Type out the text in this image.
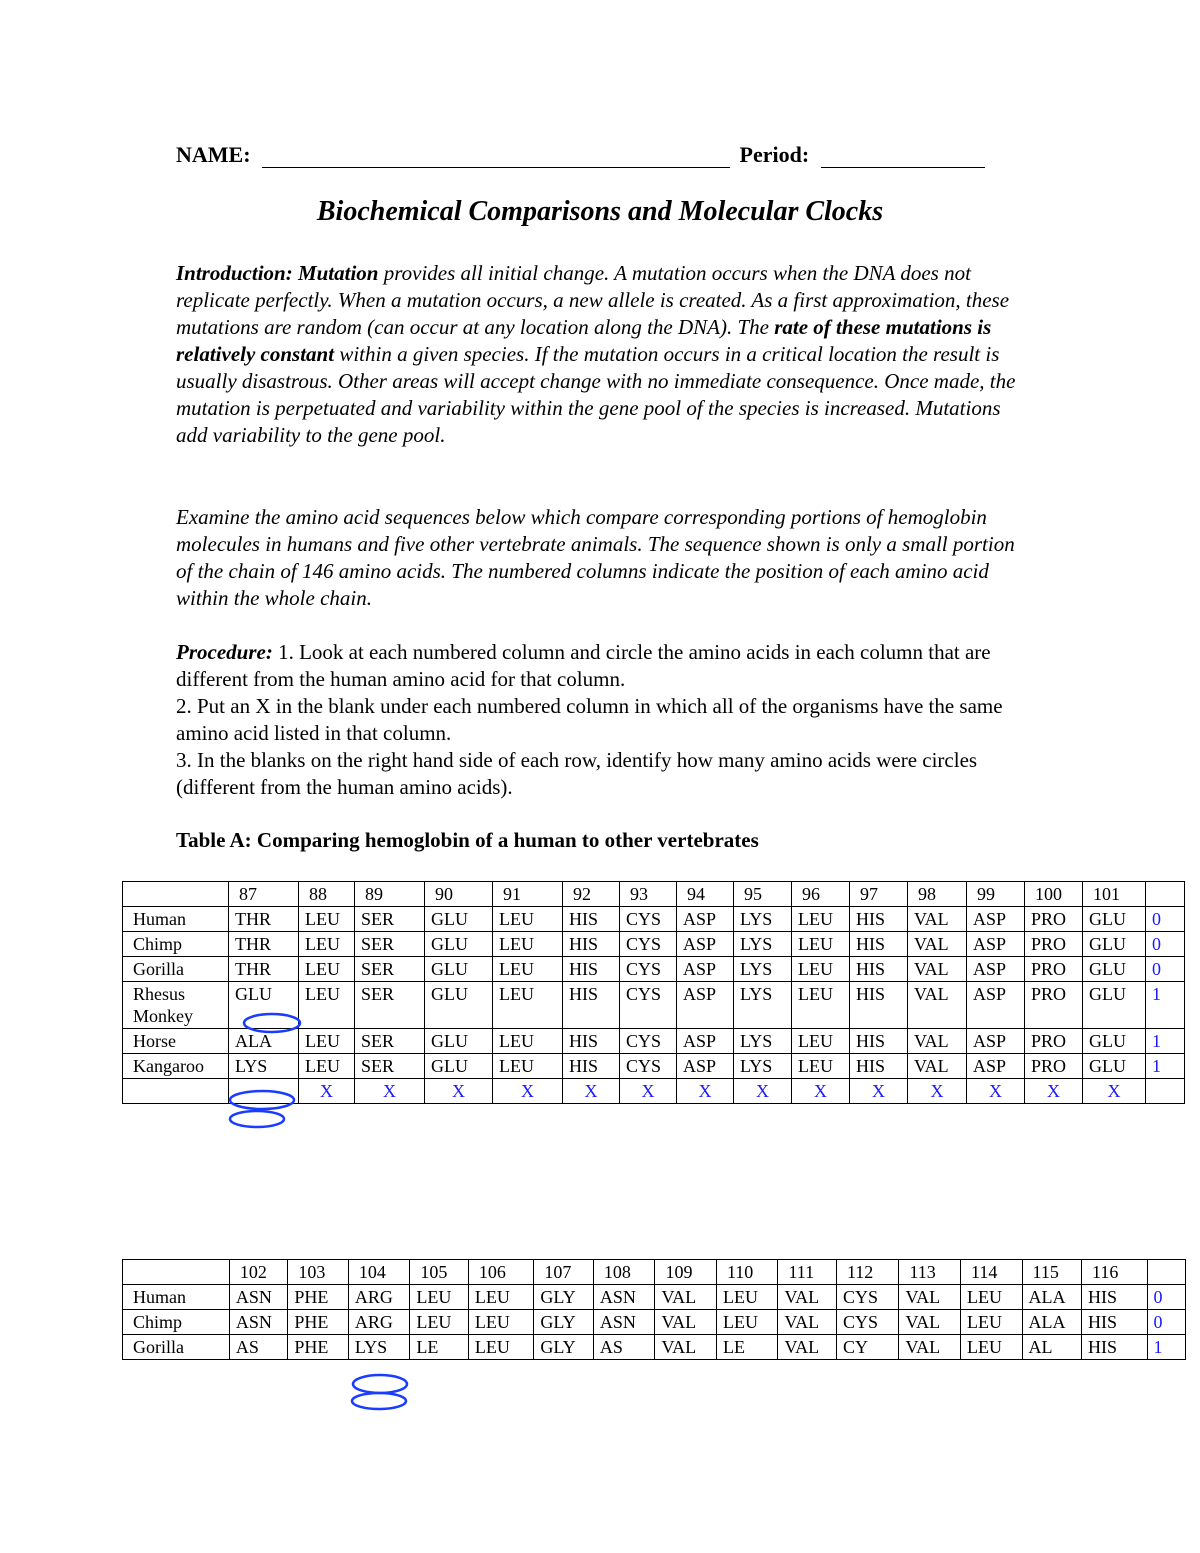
NAME:	Period:
Biochemical Comparisons and Molecular Clocks

Introduction: Mutation provides all initial change. A mutation occurs when the DNA does not replicate perfectly. When a mutation occurs, a new allele is created. As a first approximation, these mutations are random (can occur at any location along the DNA). The rate of these mutations is relatively constant within a given species. If the mutation occurs in a critical location the result is usually disastrous. Other areas will accept change with no immediate consequence. Once made, the mutation is perpetuated and variability within the gene pool of the species is increased. Mutations add variability to the gene pool.

Examine the amino acid sequences below which compare corresponding portions of hemoglobin molecules in humans and five other vertebrate animals. The sequence shown is only a small portion of the chain of 146 amino acids. The numbered columns indicate the position of each amino acid within the whole chain.

Procedure: 1. Look at each numbered column and circle the amino acids in each column that are different from the human amino acid for that column.

2. Put an X in the blank under each numbered column in which all of the organisms have the same amino acid listed in that column.

3. In the blanks on the right hand side of each row, identify how many amino acids were circles (different from the human amino acids).

Table A: Comparing hemoglobin of a human to other vertebrates
	87	88	89	90	91	92	93	94	95	96	97	98	99	100	101	
Human	THR	LEU	SER	GLU	LEU	HIS	CYS	ASP	LYS	LEU	HIS	VAL	ASP	PRO	GLU	0
Chimp	THR	LEU	SER	GLU	LEU	HIS	CYS	ASP	LYS	LEU	HIS	VAL	ASP	PRO	GLU	0
Gorilla	THR	LEU	SER	GLU	LEU	HIS	CYS	ASP	LYS	LEU	HIS	VAL	ASP	PRO	GLU	0
Rhesus Monkey	GLU	LEU	SER	GLU	LEU	HIS	CYS	ASP	LYS	LEU	HIS	VAL	ASP	PRO	GLU	1
Horse	ALA	LEU	SER	GLU	LEU	HIS	CYS	ASP	LYS	LEU	HIS	VAL	ASP	PRO	GLU	1
Kangaroo	LYS	LEU	SER	GLU	LEU	HIS	CYS	ASP	LYS	LEU	HIS	VAL	ASP	PRO	GLU	1
		X	X	X	X	X	X	X	X	X	X	X	X	X	X	
	102	103	104	105	106	107	108	109	110	111	112	113	114	115	116	
Human	ASN	PHE	ARG	LEU	LEU	GLY	ASN	VAL	LEU	VAL	CYS	VAL	LEU	ALA	HIS	0
Chimp	ASN	PHE	ARG	LEU	LEU	GLY	ASN	VAL	LEU	VAL	CYS	VAL	LEU	ALA	HIS	0
Gorilla	AS	PHE	LYS	LE	LEU	GLY	AS	VAL	LE	VAL	CY	VAL	LEU	AL	HIS	1
